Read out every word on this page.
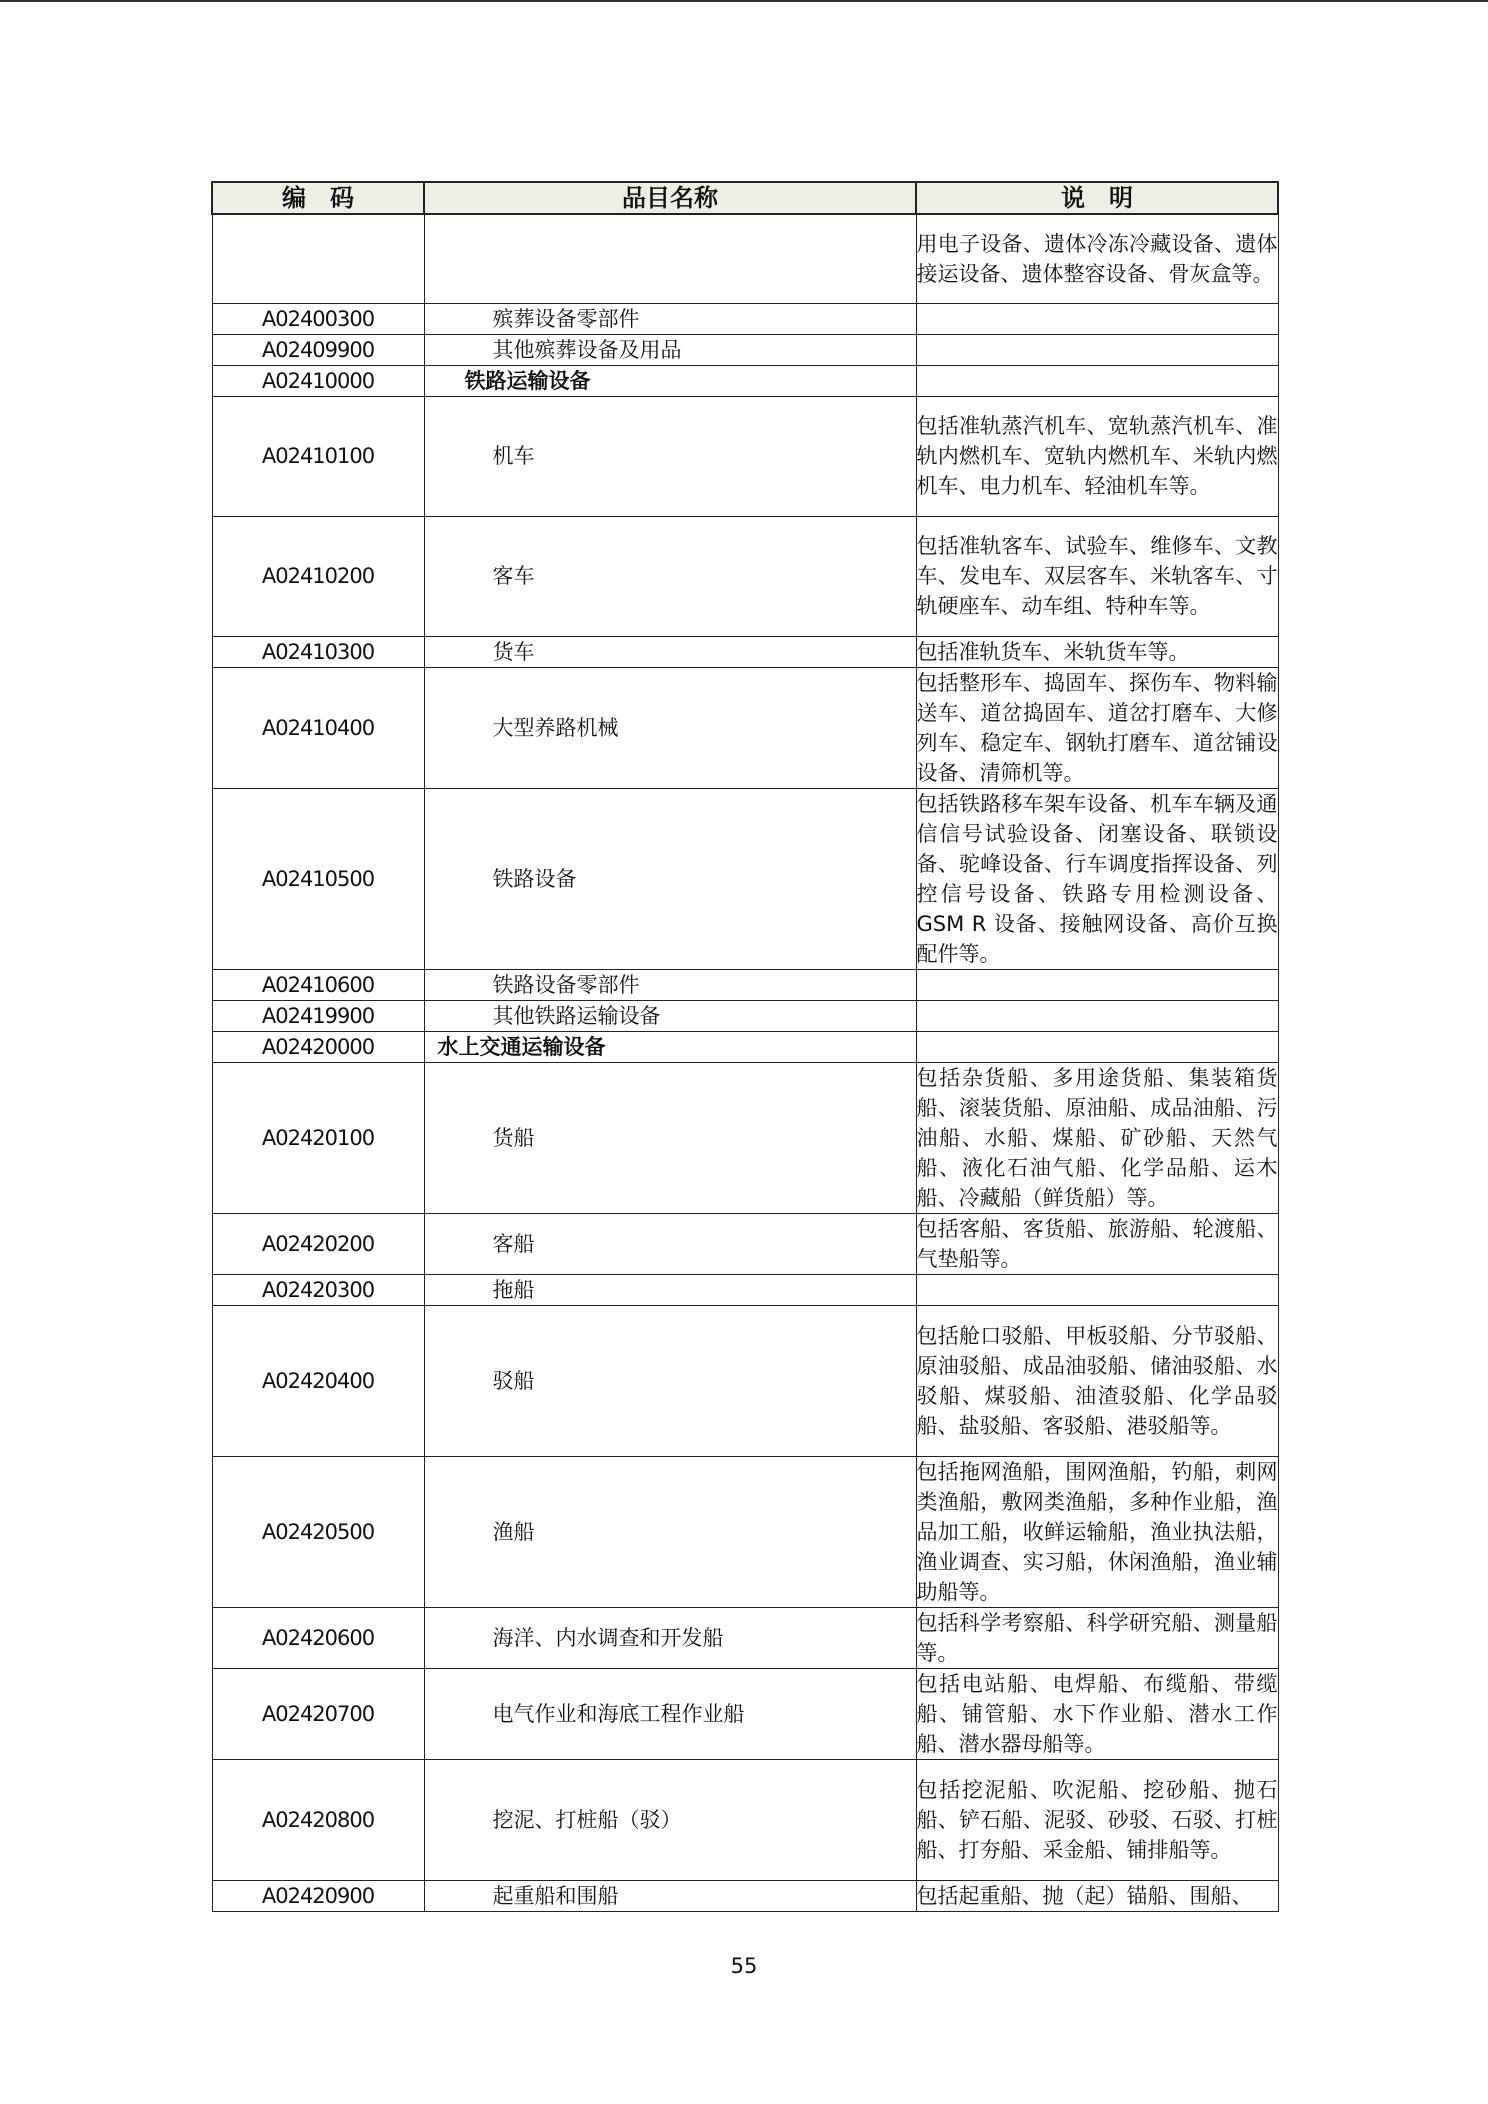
编　码	品目名称	说　明
		用电子设备、遗体冷冻冷藏设备、遗体接运设备、遗体整容设备、骨灰盒等。
A02400300	殡葬设备零部件	
A02409900	其他殡葬设备及用品	
A02410000	铁路运输设备	
A02410100	机车	包括准轨蒸汽机车、宽轨蒸汽机车、准轨内燃机车、宽轨内燃机车、米轨内燃机车、电力机车、轻油机车等。
A02410200	客车	包括准轨客车、试验车、维修车、文教车、发电车、双层客车、米轨客车、寸轨硬座车、动车组、特种车等。
A02410300	货车	包括准轨货车、米轨货车等。
A02410400	大型养路机械	包括整形车、捣固车、探伤车、物料输送车、道岔捣固车、道岔打磨车、大修列车、稳定车、钢轨打磨车、道岔铺设设备、清筛机等。
A02410500	铁路设备	包括铁路移车架车设备、机车车辆及通信信号试验设备、闭塞设备、联锁设备、驼峰设备、行车调度指挥设备、列控信号设备、铁路专用检测设备、GSM R 设备、接触网设备、高价互换配件等。
A02410600	铁路设备零部件	
A02419900	其他铁路运输设备	
A02420000	水上交通运输设备	
A02420100	货船	包括杂货船、多用途货船、集装箱货船、滚装货船、原油船、成品油船、污油船、水船、煤船、矿砂船、天然气船、液化石油气船、化学品船、运木船、冷藏船（鲜货船）等。
A02420200	客船	包括客船、客货船、旅游船、轮渡船、气垫船等。
A02420300	拖船	
A02420400	驳船	包括舱口驳船、甲板驳船、分节驳船、原油驳船、成品油驳船、储油驳船、水驳船、煤驳船、油渣驳船、化学品驳船、盐驳船、客驳船、港驳船等。
A02420500	渔船	包括拖网渔船，围网渔船，钓船，刺网类渔船，敷网类渔船，多种作业船，渔品加工船，收鲜运输船，渔业执法船，渔业调查、实习船，休闲渔船，渔业辅助船等。
A02420600	海洋、内水调查和开发船	包括科学考察船、科学研究船、测量船等。
A02420700	电气作业和海底工程作业船	包括电站船、电焊船、布缆船、带缆船、铺管船、水下作业船、潜水工作船、潜水器母船等。
A02420800	挖泥、打桩船（驳）	包括挖泥船、吹泥船、挖砂船、抛石船、铲石船、泥驳、砂驳、石驳、打桩船、打夯船、采金船、铺排船等。
A02420900	起重船和围船	包括起重船、抛（起）锚船、围船、
55
